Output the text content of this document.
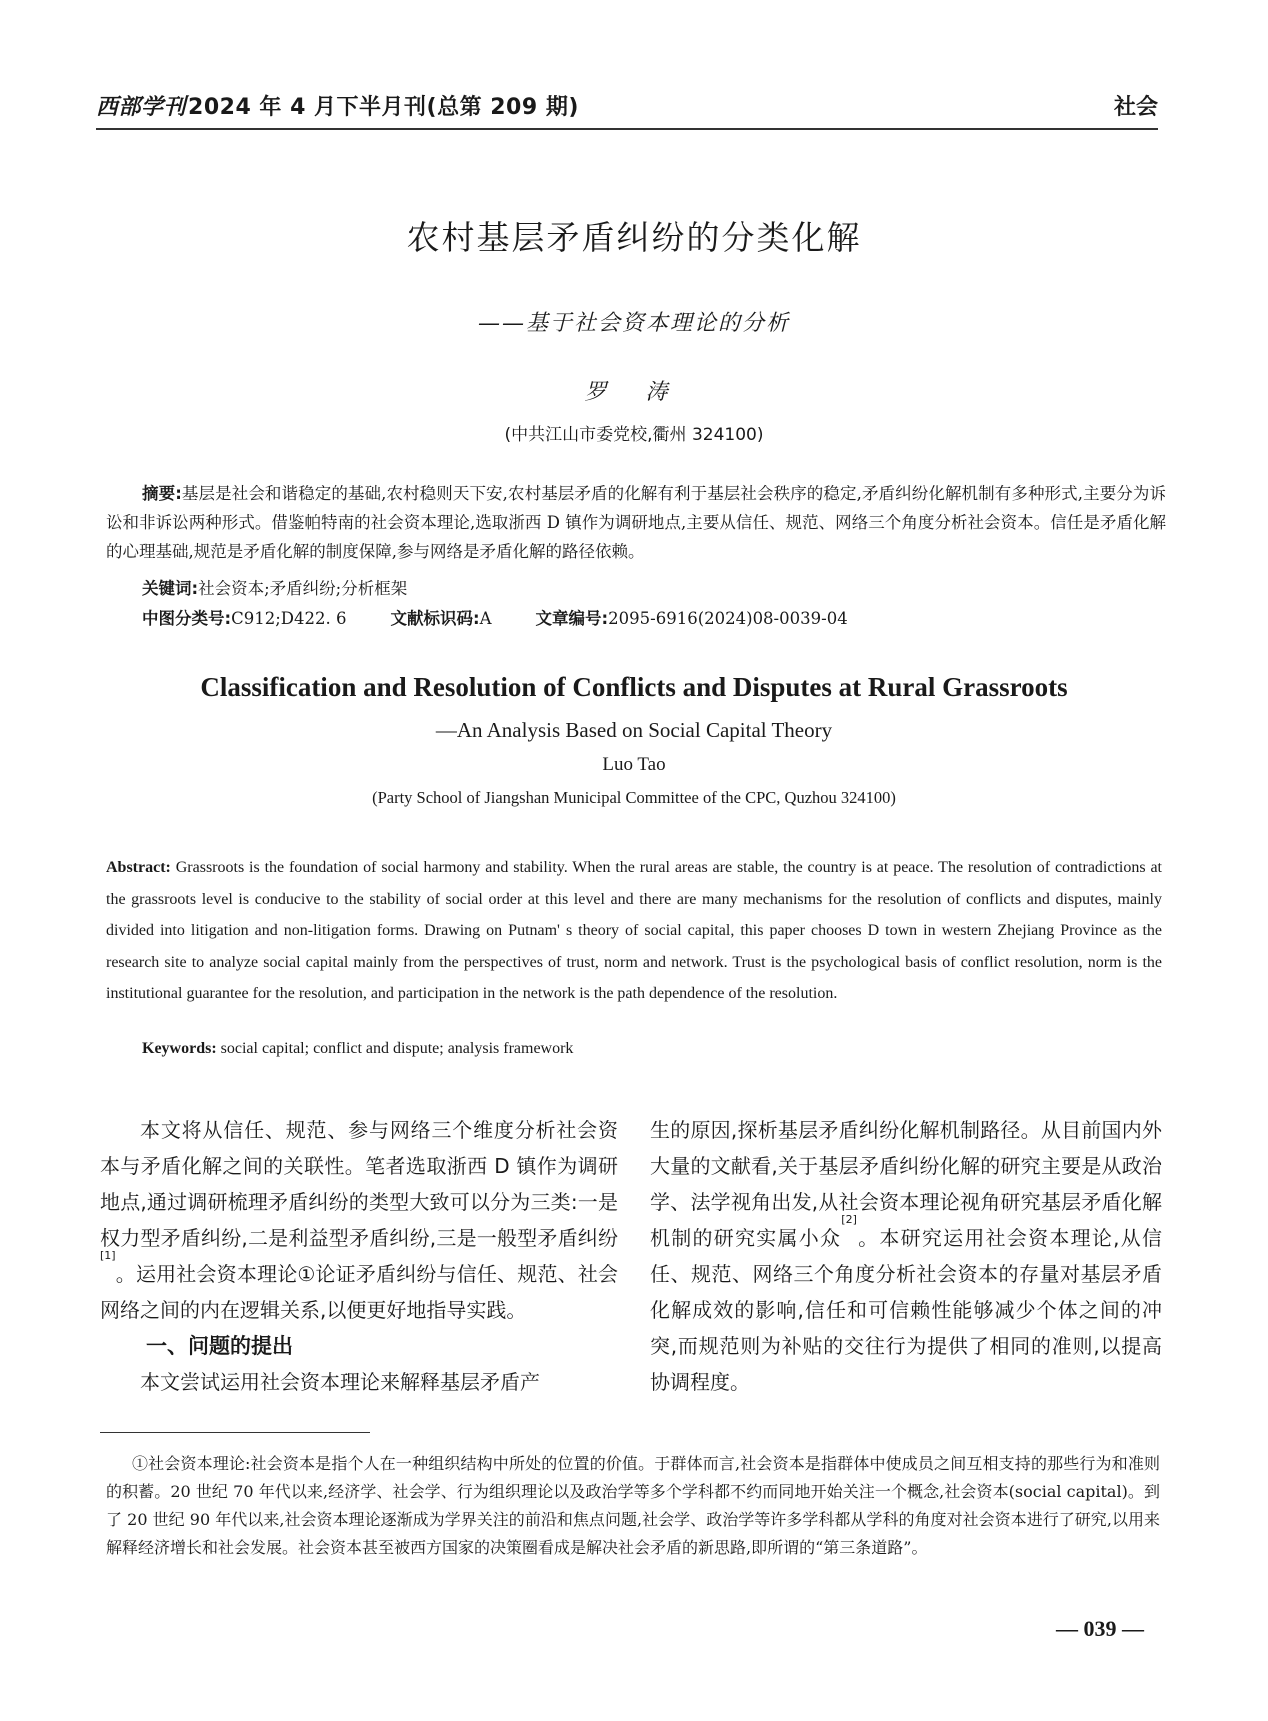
西部学刊2024 年 4 月下半月刊(总第 209 期)	社会
农村基层矛盾纠纷的分类化解
——基于社会资本理论的分析
罗 涛
(中共江山市委党校,衢州 324100)
摘要:基层是社会和谐稳定的基础,农村稳则天下安,农村基层矛盾的化解有利于基层社会秩序的稳定,矛盾纠纷化解机制有多种形式,主要分为诉讼和非诉讼两种形式。借鉴帕特南的社会资本理论,选取浙西 D 镇作为调研地点,主要从信任、规范、网络三个角度分析社会资本。信任是矛盾化解的心理基础,规范是矛盾化解的制度保障,参与网络是矛盾化解的路径依赖。
关键词:社会资本;矛盾纠纷;分析框架
中图分类号:C912;D422. 6	文献标识码:A	文章编号:2095-6916(2024)08-0039-04
Classification and Resolution of Conflicts and Disputes at Rural Grassroots
—An Analysis Based on Social Capital Theory
Luo Tao
(Party School of Jiangshan Municipal Committee of the CPC, Quzhou 324100)
Abstract: Grassroots is the foundation of social harmony and stability. When the rural areas are stable, the country is at peace. The resolution of contradictions at the grassroots level is conducive to the stability of social order at this level and there are many mechanisms for the resolution of conflicts and disputes, mainly divided into litigation and non-litigation forms. Drawing on Putnam' s theory of social capital, this paper chooses D town in western Zhejiang Province as the research site to analyze social capital mainly from the perspectives of trust, norm and network. Trust is the psychological basis of conflict resolution, norm is the institutional guarantee for the resolution, and participation in the network is the path dependence of the resolution.
Keywords: social capital; conflict and dispute; analysis framework
本文将从信任、规范、参与网络三个维度分析社会资本与矛盾化解之间的关联性。笔者选取浙西 D 镇作为调研地点,通过调研梳理矛盾纠纷的类型大致可以分为三类:一是权力型矛盾纠纷,二是利益型矛盾纠纷,三是一般型矛盾纠纷[1]。运用社会资本理论①论证矛盾纠纷与信任、规范、社会网络之间的内在逻辑关系,以便更好地指导实践。
一、问题的提出
本文尝试运用社会资本理论来解释基层矛盾产
生的原因,探析基层矛盾纠纷化解机制路径。从目前国内外大量的文献看,关于基层矛盾纠纷化解的研究主要是从政治学、法学视角出发,从社会资本理论视角研究基层矛盾化解机制的研究实属小众[2]。本研究运用社会资本理论,从信任、规范、网络三个角度分析社会资本的存量对基层矛盾化解成效的影响,信任和可信赖性能够减少个体之间的冲突,而规范则为补贴的交往行为提供了相同的准则,以提高协调程度。
①社会资本理论:社会资本是指个人在一种组织结构中所处的位置的价值。于群体而言,社会资本是指群体中使成员之间互相支持的那些行为和准则的积蓄。20 世纪 70 年代以来,经济学、社会学、行为组织理论以及政治学等多个学科都不约而同地开始关注一个概念,社会资本(social capital)。到了 20 世纪 90 年代以来,社会资本理论逐渐成为学界关注的前沿和焦点问题,社会学、政治学等许多学科都从学科的角度对社会资本进行了研究,以用来解释经济增长和社会发展。社会资本甚至被西方国家的决策圈看成是解决社会矛盾的新思路,即所谓的“第三条道路”。
— 039 —
